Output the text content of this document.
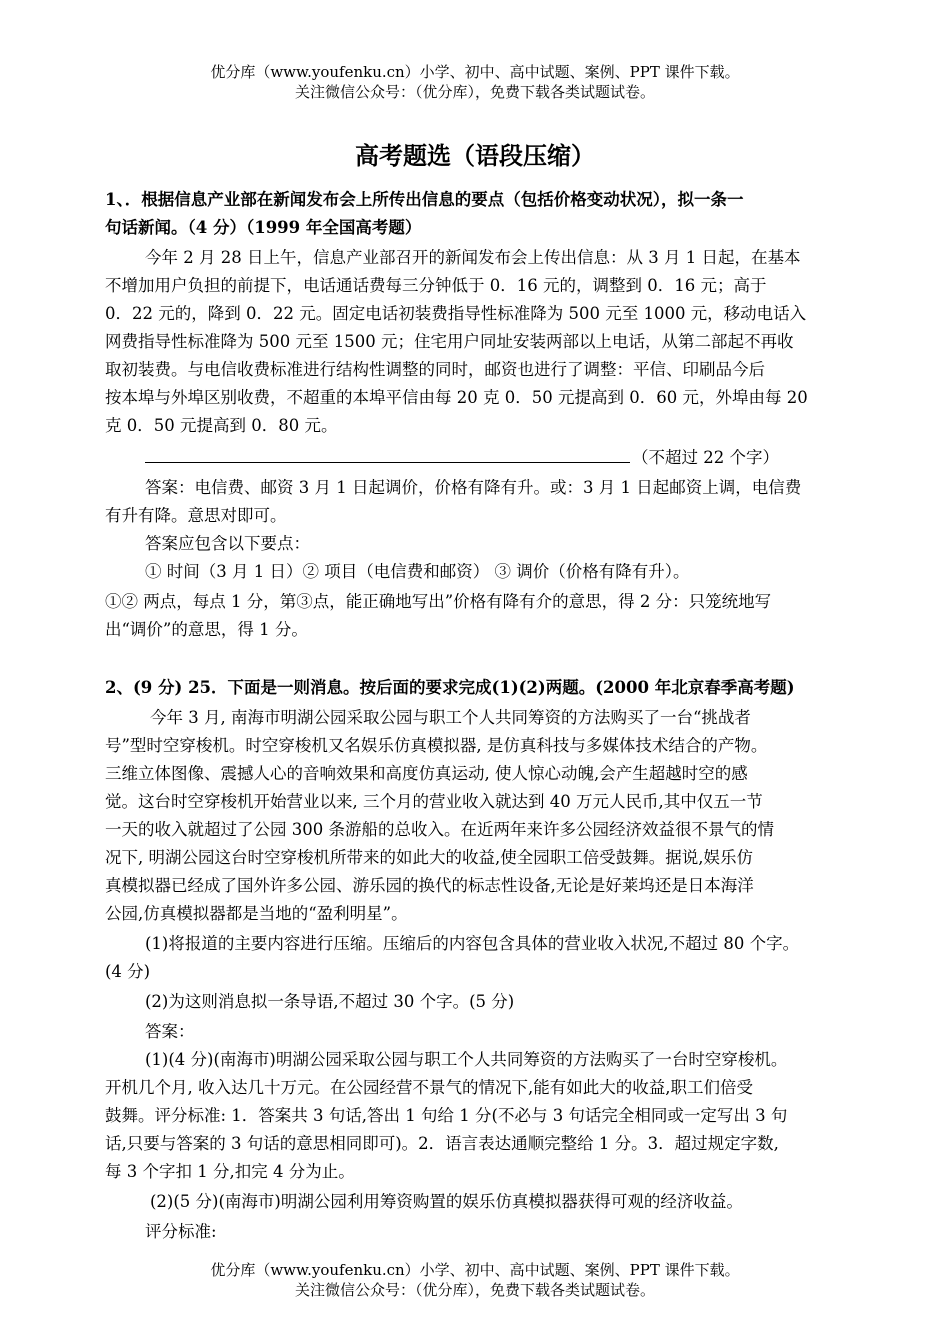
优分库（www.youfenku.cn）小学、初中、高中试题、案例、PPT 课件下载。
关注微信公众号：（优分库），免费下载各类试题试卷。
高考题选（语段压缩）
1、．根据信息产业部在新闻发布会上所传出信息的要点（包括价格变动状况），拟一条一
句话新闻。（4 分）（1999 年全国高考题）
今年 2 月 28 日上午，信息产业部召开的新闻发布会上传出信息：从 3 月 1 日起，在基本
不增加用户负担的前提下，电话通话费每三分钟低于 0．16 元的，调整到 0．16 元；高于
0．22 元的，降到 0．22 元。固定电话初装费指导性标准降为 500 元至 1000 元，移动电话入
网费指导性标准降为 500 元至 1500 元；住宅用户同址安装两部以上电话，从第二部起不再收
取初装费。与电信收费标准进行结构性调整的同时，邮资也进行了调整：平信、印刷品今后
按本埠与外埠区别收费，不超重的本埠平信由每 20 克 0．50 元提高到 0．60 元，外埠由每 20
克 0．50 元提高到 0．80 元。
（不超过 22 个字）
答案：电信费、邮资 3 月 1 日起调价，价格有降有升。或：3 月 1 日起邮资上调，电信费
有升有降。意思对即可。
答案应包含以下要点：
① 时间（3 月 1 日）② 项目（电信费和邮资） ③ 调价（价格有降有升）。
①② 两点，每点 1 分，第③点，能正确地写出”价格有降有介的意思，得 2 分：只笼统地写
出“调价”的意思，得 1 分。
2、(9 分) 25．下面是一则消息。按后面的要求完成(1)(2)两题。(2000 年北京春季高考题)
今年 3 月, 南海市明湖公园采取公园与职工个人共同筹资的方法购买了一台“挑战者
号”型时空穿梭机。时空穿梭机又名娱乐仿真模拟器, 是仿真科技与多媒体技术结合的产物。
三维立体图像、震撼人心的音响效果和高度仿真运动, 使人惊心动魄,会产生超越时空的感
觉。这台时空穿梭机开始营业以来, 三个月的营业收入就达到 40 万元人民币,其中仅五一节
一天的收入就超过了公园 300 条游船的总收入。在近两年来许多公园经济效益很不景气的情
况下, 明湖公园这台时空穿梭机所带来的如此大的收益,使全园职工倍受鼓舞。据说,娱乐仿
真模拟器已经成了国外许多公园、游乐园的换代的标志性设备,无论是好莱坞还是日本海洋
公园,仿真模拟器都是当地的“盈利明星”。
(1)将报道的主要内容进行压缩。压缩后的内容包含具体的营业收入状况,不超过 80 个字。
(4 分)
(2)为这则消息拟一条导语,不超过 30 个字。(5 分)
答案：
(1)(4 分)(南海市)明湖公园采取公园与职工个人共同筹资的方法购买了一台时空穿梭机。
开机几个月, 收入达几十万元。在公园经营不景气的情况下,能有如此大的收益,职工们倍受
鼓舞。评分标准: 1．答案共 3 句话,答出 1 句给 1 分(不必与 3 句话完全相同或一定写出 3 句
话,只要与答案的 3 句话的意思相同即可)。2．语言表达通顺完整给 1 分。3．超过规定字数,
每 3 个字扣 1 分,扣完 4 分为止。
(2)(5 分)(南海市)明湖公园利用筹资购置的娱乐仿真模拟器获得可观的经济收益。
评分标准:
优分库（www.youfenku.cn）小学、初中、高中试题、案例、PPT 课件下载。
关注微信公众号：（优分库），免费下载各类试题试卷。
